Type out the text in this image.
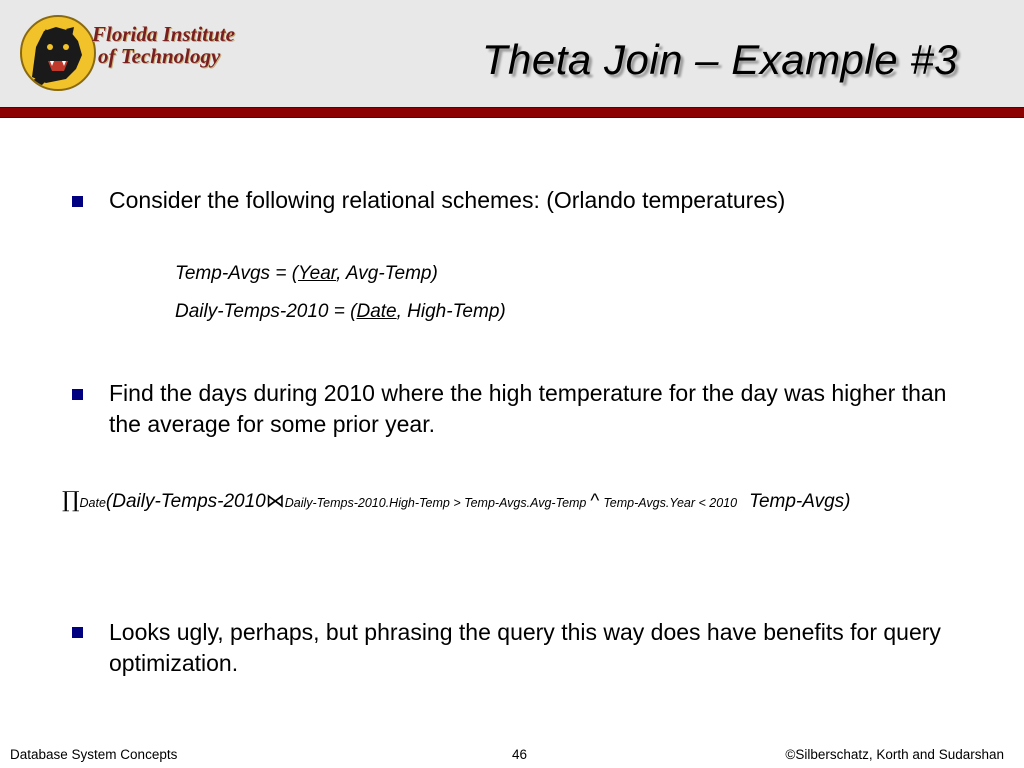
Florida Institute
of Technology	Theta Join – Example #3
Consider the following relational schemes: (Orlando temperatures)
Temp-Avgs = (Year, Avg-Temp)
Daily-Temps-2010 = (Date, High-Temp)
Find the days during 2010 where the high temperature for the day was higher than the average for some prior year.
∏Date(Daily-Temps-2010⋈Daily-Temps-2010.High-Temp > Temp-Avgs.Avg-Temp ^ Temp-Avgs.Year < 2010 Temp-Avgs)
Looks ugly, perhaps, but phrasing the query this way does have benefits for query optimization.
Database System Concepts	46	©Silberschatz, Korth and Sudarshan
